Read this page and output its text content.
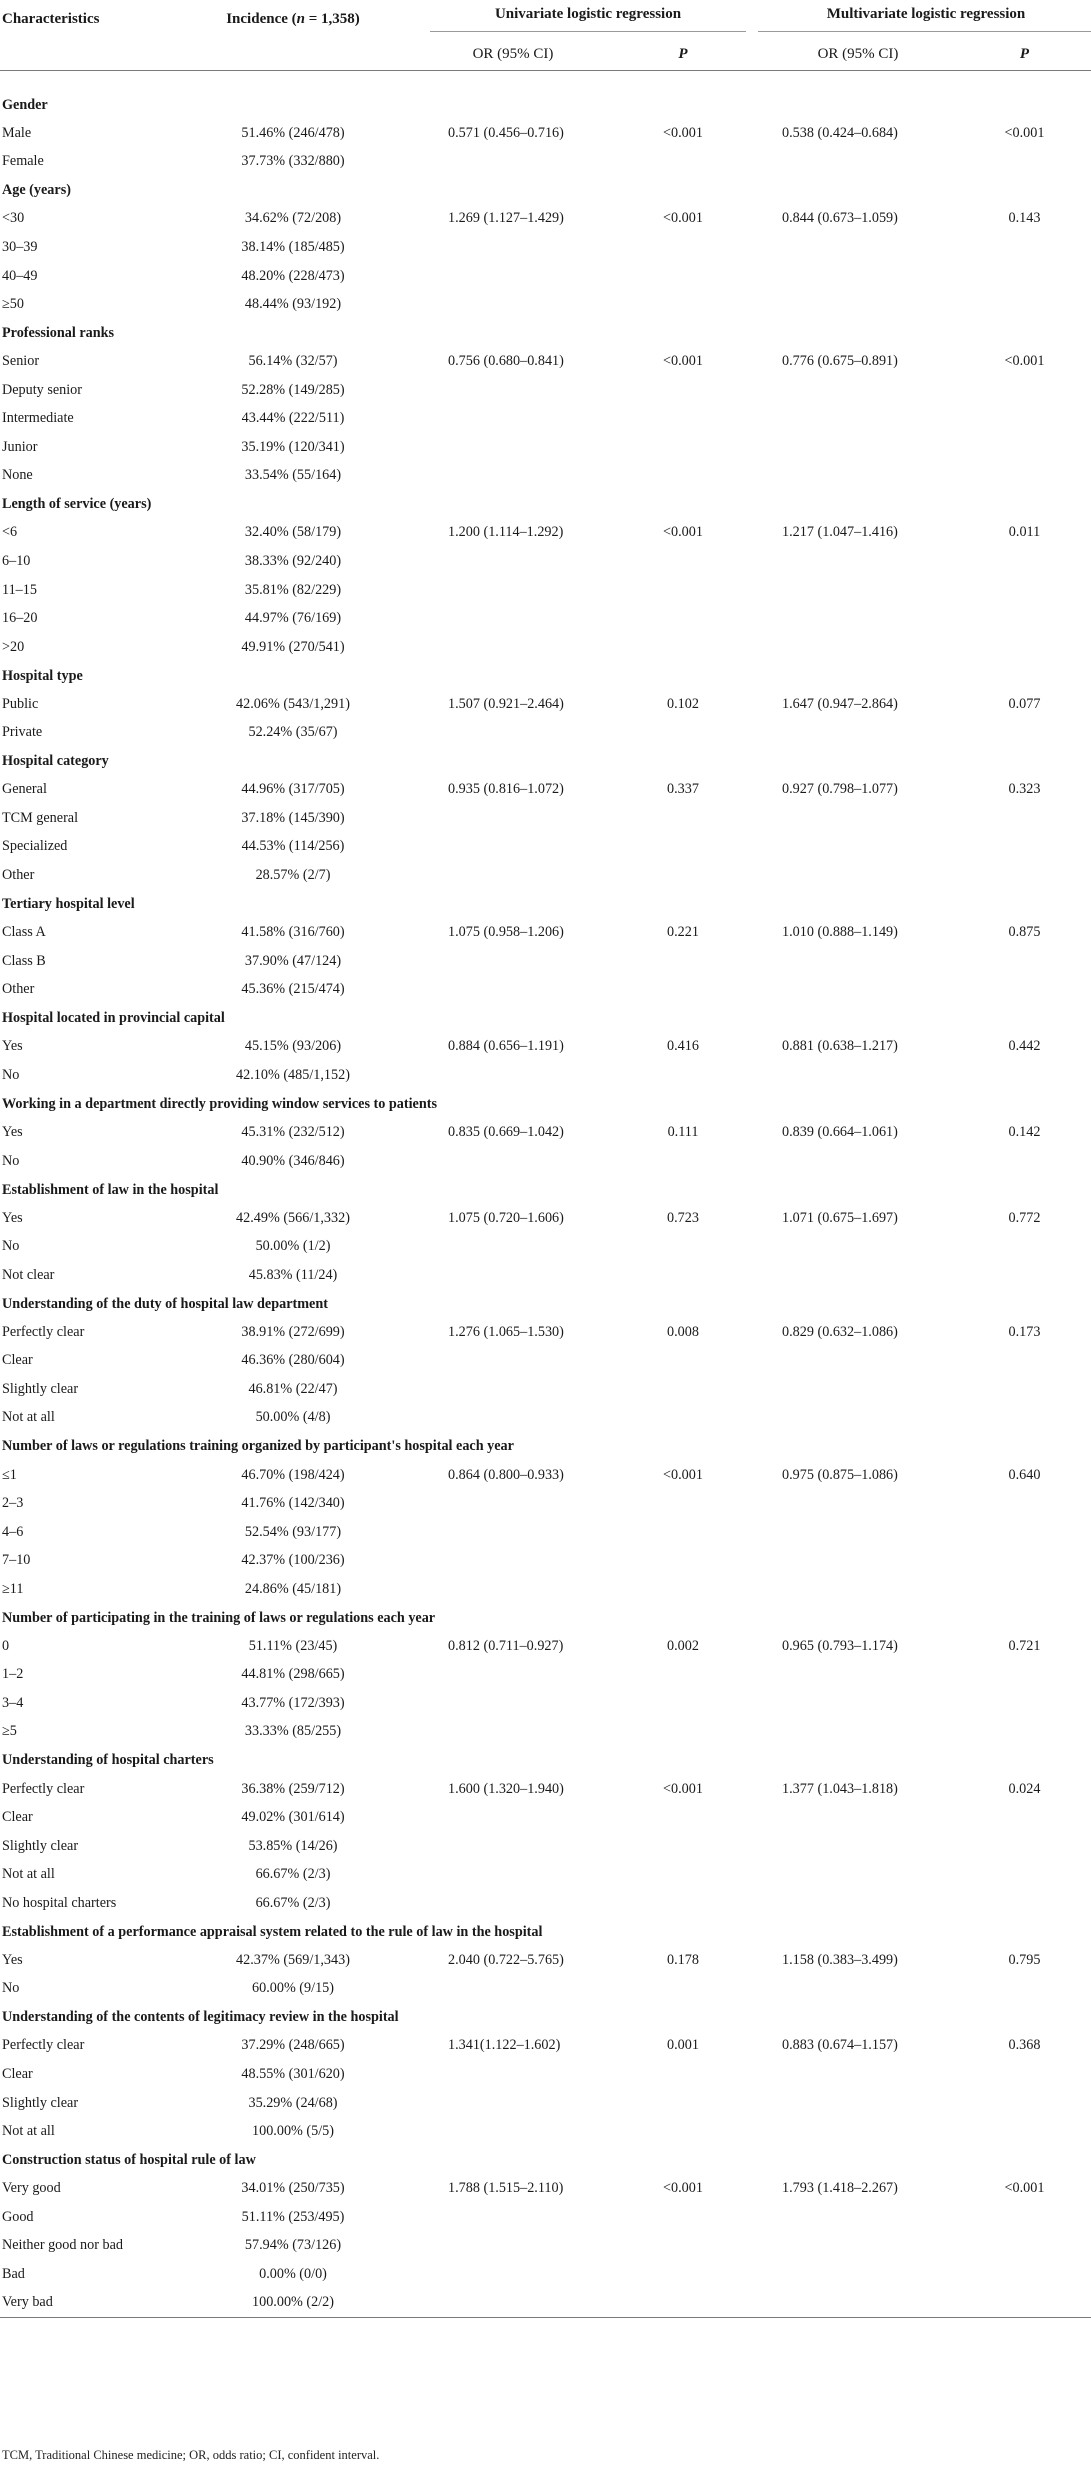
Characteristics	Incidence (n = 1,358)	Univariate logistic regression		Multivariate logistic regression	
		OR (95% CI)	P	OR (95% CI)	P

Gender					
Male	51.46% (246/478)	0.571 (0.456–0.716)	<0.001	0.538 (0.424–0.684)	<0.001
Female	37.73% (332/880)				
Age (years)					
<30	34.62% (72/208)	1.269 (1.127–1.429)	<0.001	0.844 (0.673–1.059)	0.143
30–39	38.14% (185/485)				
40–49	48.20% (228/473)				
≥50	48.44% (93/192)				
Professional ranks					
Senior	56.14% (32/57)	0.756 (0.680–0.841)	<0.001	0.776 (0.675–0.891)	<0.001
Deputy senior	52.28% (149/285)				
Intermediate	43.44% (222/511)				
Junior	35.19% (120/341)				
None	33.54% (55/164)				
Length of service (years)					
<6	32.40% (58/179)	1.200 (1.114–1.292)	<0.001	1.217 (1.047–1.416)	0.011
6–10	38.33% (92/240)				
11–15	35.81% (82/229)				
16–20	44.97% (76/169)				
>20	49.91% (270/541)				
Hospital type					
Public	42.06% (543/1,291)	1.507 (0.921–2.464)	0.102	1.647 (0.947–2.864)	0.077
Private	52.24% (35/67)				
Hospital category					
General	44.96% (317/705)	0.935 (0.816–1.072)	0.337	0.927 (0.798–1.077)	0.323
TCM general	37.18% (145/390)				
Specialized	44.53% (114/256)				
Other	28.57% (2/7)				
Tertiary hospital level					
Class A	41.58% (316/760)	1.075 (0.958–1.206)	0.221	1.010 (0.888–1.149)	0.875
Class B	37.90% (47/124)				
Other	45.36% (215/474)				
Hospital located in provincial capital					
Yes	45.15% (93/206)	0.884 (0.656–1.191)	0.416	0.881 (0.638–1.217)	0.442
No	42.10% (485/1,152)				
Working in a department directly providing window services to patients					
Yes	45.31% (232/512)	0.835 (0.669–1.042)	0.111	0.839 (0.664–1.061)	0.142
No	40.90% (346/846)				
Establishment of law in the hospital					
Yes	42.49% (566/1,332)	1.075 (0.720–1.606)	0.723	1.071 (0.675–1.697)	0.772
No	50.00% (1/2)				
Not clear	45.83% (11/24)				
Understanding of the duty of hospital law department					
Perfectly clear	38.91% (272/699)	1.276 (1.065–1.530)	0.008	0.829 (0.632–1.086)	0.173
Clear	46.36% (280/604)				
Slightly clear	46.81% (22/47)				
Not at all	50.00% (4/8)				
Number of laws or regulations training organized by participant's hospital each year					
≤1	46.70% (198/424)	0.864 (0.800–0.933)	<0.001	0.975 (0.875–1.086)	0.640
2–3	41.76% (142/340)				
4–6	52.54% (93/177)				
7–10	42.37% (100/236)				
≥11	24.86% (45/181)				
Number of participating in the training of laws or regulations each year					
0	51.11% (23/45)	0.812 (0.711–0.927)	0.002	0.965 (0.793–1.174)	0.721
1–2	44.81% (298/665)				
3–4	43.77% (172/393)				
≥5	33.33% (85/255)				
Understanding of hospital charters					
Perfectly clear	36.38% (259/712)	1.600 (1.320–1.940)	<0.001	1.377 (1.043–1.818)	0.024
Clear	49.02% (301/614)				
Slightly clear	53.85% (14/26)				
Not at all	66.67% (2/3)				
No hospital charters	66.67% (2/3)				
Establishment of a performance appraisal system related to the rule of law in the hospital					
Yes	42.37% (569/1,343)	2.040 (0.722–5.765)	0.178	1.158 (0.383–3.499)	0.795
No	60.00% (9/15)				
Understanding of the contents of legitimacy review in the hospital					
Perfectly clear	37.29% (248/665)	1.341(1.122–1.602)	0.001	0.883 (0.674–1.157)	0.368
Clear	48.55% (301/620)				
Slightly clear	35.29% (24/68)				
Not at all	100.00% (5/5)				
Construction status of hospital rule of law					
Very good	34.01% (250/735)	1.788 (1.515–2.110)	<0.001	1.793 (1.418–2.267)	<0.001
Good	51.11% (253/495)				
Neither good nor bad	57.94% (73/126)				
Bad	0.00% (0/0)				
Very bad	100.00% (2/2)				
TCM, Traditional Chinese medicine; OR, odds ratio; CI, confident interval.
